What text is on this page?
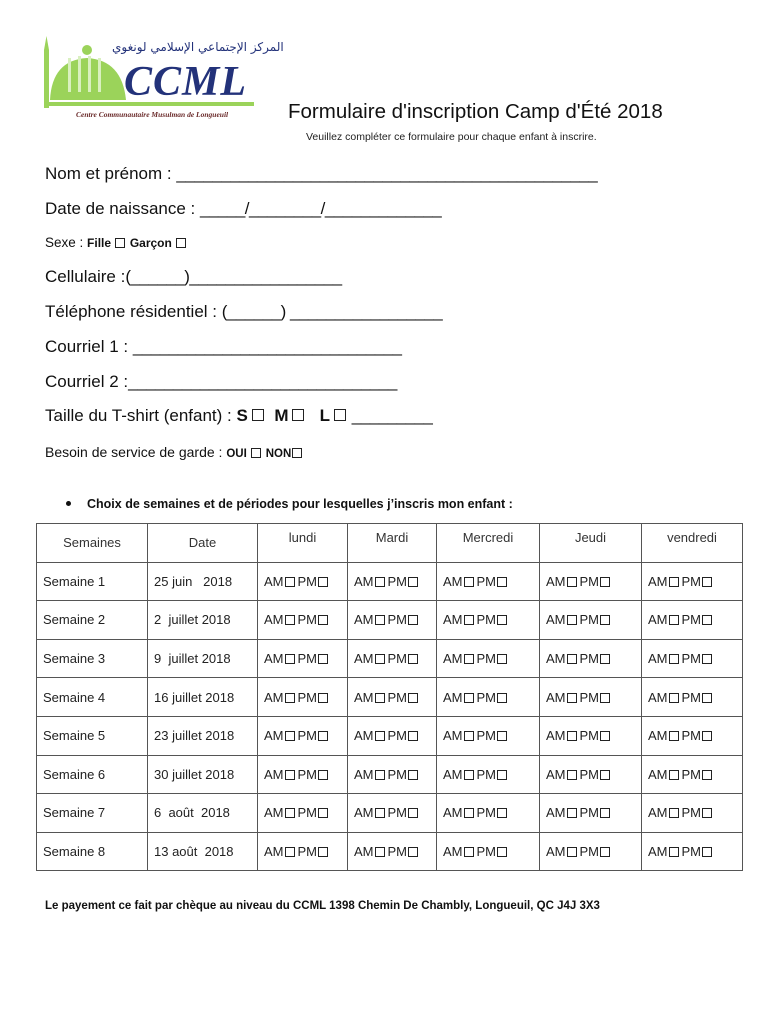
المركز الإجتماعي الإسلامي لونغوي
CCML
Centre Communautaire Musulman de Longueuil	Formulaire d'inscription Camp d'Été 2018
Veuillez compléter ce formulaire pour chaque enfant à inscrire.
Nom et prénom : _______________________________________________
Date de naissance : _____/________/_____________
Sexe : Fille Garçon
Cellulaire :(______)_________________
Téléphone résidentiel : (______) _________________
Courriel 1 : ______________________________
Courriel 2 :______________________________
Taille du T-shirt (enfant) : S M L _________
Besoin de service de garde : OUI NON
Choix de semaines et de périodes pour lesquelles j’inscris mon enfant :
Semaines	Date	lundi	Mardi	Mercredi	Jeudi	vendredi
Semaine 1	25 juin   2018	AM PM	AM PM	AM PM	AM PM	AM PM
Semaine 2	2  juillet 2018	AM PM	AM PM	AM PM	AM PM	AM PM
Semaine 3	9  juillet 2018	AM PM	AM PM	AM PM	AM PM	AM PM
Semaine 4	16 juillet 2018	AM PM	AM PM	AM PM	AM PM	AM PM
Semaine 5	23 juillet 2018	AM PM	AM PM	AM PM	AM PM	AM PM
Semaine 6	30 juillet 2018	AM PM	AM PM	AM PM	AM PM	AM PM
Semaine 7	6  août  2018	AM PM	AM PM	AM PM	AM PM	AM PM
Semaine 8	13 août  2018	AM PM	AM PM	AM PM	AM PM	AM PM
Le payement ce fait par chèque au niveau du CCML 1398 Chemin De Chambly, Longueuil, QC J4J 3X3
